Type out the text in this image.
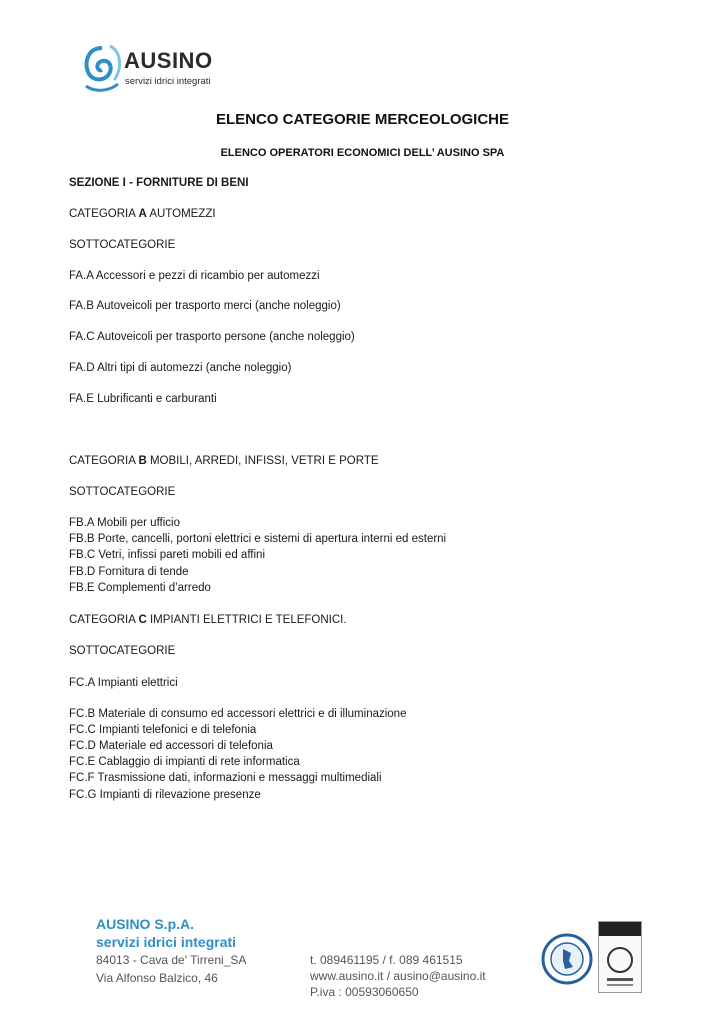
AUSINO
servizi idrici integrati
ELENCO CATEGORIE MERCEOLOGICHE
ELENCO OPERATORI ECONOMICI DELL’ AUSINO SPA
SEZIONE I - FORNITURE DI BENI
CATEGORIA A AUTOMEZZI
SOTTOCATEGORIE
FA.A Accessori e pezzi di ricambio per automezzi
FA.B Autoveicoli per trasporto merci (anche noleggio)
FA.C Autoveicoli per trasporto persone (anche noleggio)
FA.D Altri tipi di automezzi (anche noleggio)
FA.E Lubrificanti e carburanti
CATEGORIA B MOBILI, ARREDI, INFISSI, VETRI E PORTE
SOTTOCATEGORIE
FB.A Mobili per ufficio
FB.B Porte, cancelli, portoni elettrici e sistemi di apertura interni ed esterni
FB.C Vetri, infissi pareti mobili ed affini
FB.D Fornitura di tende
FB.E Complementi d’arredo
CATEGORIA C IMPIANTI ELETTRICI E TELEFONICI.
SOTTOCATEGORIE
FC.A Impianti elettrici
FC.B Materiale di consumo ed accessori elettrici e di illuminazione
FC.C Impianti telefonici e di telefonia
FC.D Materiale ed accessori di telefonia
FC.E Cablaggio di impianti di rete informatica
FC.F Trasmissione dati, informazioni e messaggi multimediali
FC.G Impianti di rilevazione presenze
AUSINO S.p.A.
servizi idrici integrati
84013 - Cava de' Tirreni_SA
Via Alfonso Balzico, 46
t. 089461195 / f. 089 461515
www.ausino.it / ausino@ausino.it
P.iva : 00593060650
